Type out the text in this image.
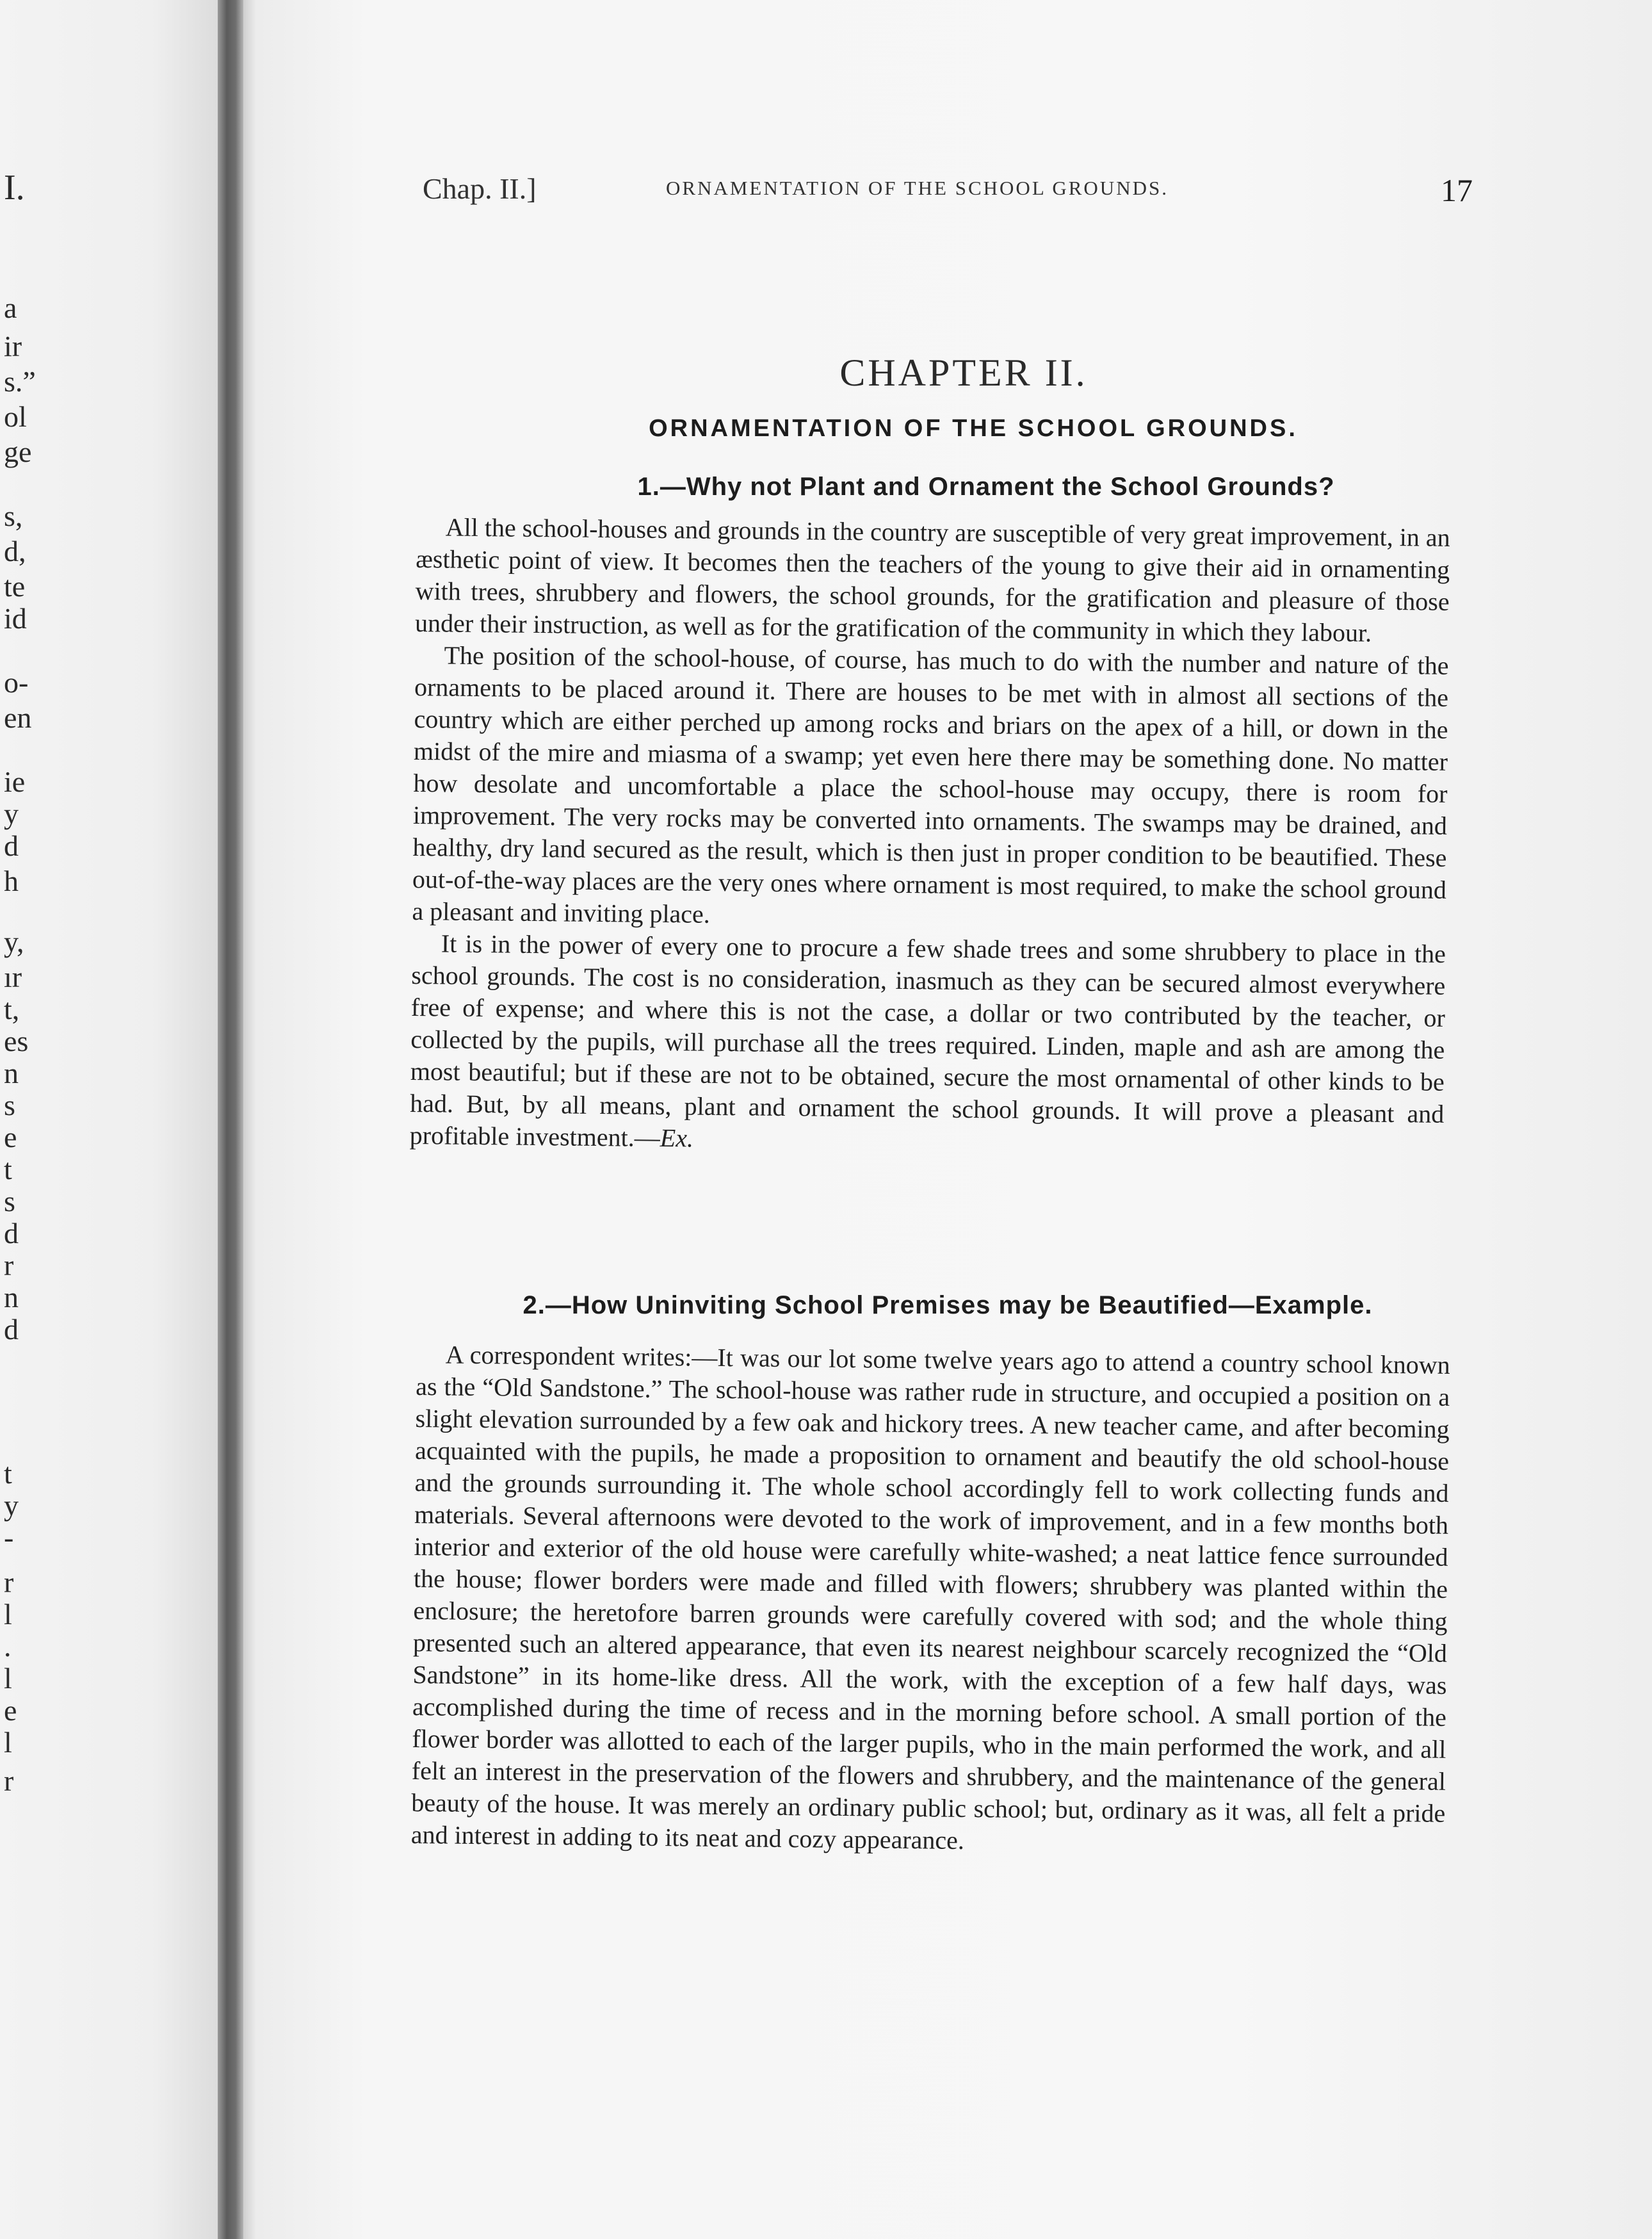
I.
a
ir
s.”
ol
ge
s,
d,
te
id
o-
en
ie
y
d
h
y,
ır
t,
es
n
s
e
t
s
d
r
n
d
t
y
-
r
l
.
l
e
l
r
Chap. II.]	ORNAMENTATION OF THE SCHOOL GROUNDS.	17
CHAPTER II.
ORNAMENTATION OF THE SCHOOL GROUNDS.
1.—Why not Plant and Ornament the School Grounds?

All the school-houses and grounds in the country are susceptible of very great improvement, in an æsthetic point of view. It becomes then the teachers of the young to give their aid in ornamenting with trees, shrubbery and flowers, the school grounds, for the gratification and pleasure of those under their instruction, as well as for the gratification of the community in which they labour.

The position of the school-house, of course, has much to do with the number and nature of the ornaments to be placed around it. There are houses to be met with in almost all sections of the country which are either perched up among rocks and briars on the apex of a hill, or down in the midst of the mire and miasma of a swamp; yet even here there may be something done. No matter how desolate and uncomfortable a place the school-house may occupy, there is room for improvement. The very rocks may be converted into ornaments. The swamps may be drained, and healthy, dry land secured as the result, which is then just in proper condition to be beautified. These out-of-the-way places are the very ones where ornament is most required, to make the school ground a pleasant and inviting place.

It is in the power of every one to procure a few shade trees and some shrubbery to place in the school grounds. The cost is no consideration, inasmuch as they can be secured almost everywhere free of expense; and where this is not the case, a dollar or two contributed by the teacher, or collected by the pupils, will purchase all the trees required. Linden, maple and ash are among the most beautiful; but if these are not to be obtained, secure the most ornamental of other kinds to be had. But, by all means, plant and ornament the school grounds. It will prove a pleasant and profitable investment.—Ex.

2.—How Uninviting School Premises may be Beautified—Example.

A correspondent writes:—It was our lot some twelve years ago to attend a country school known as the “Old Sandstone.” The school-house was rather rude in structure, and occupied a position on a slight elevation surrounded by a few oak and hickory trees. A new teacher came, and after becoming acquainted with the pupils, he made a proposition to ornament and beautify the old school-house and the grounds surrounding it. The whole school accordingly fell to work collecting funds and materials. Several afternoons were devoted to the work of improvement, and in a few months both interior and exterior of the old house were carefully white-washed; a neat lattice fence surrounded the house; flower borders were made and filled with flowers; shrubbery was planted within the enclosure; the heretofore barren grounds were carefully covered with sod; and the whole thing presented such an altered appearance, that even its nearest neighbour scarcely recognized the “Old Sandstone” in its home-like dress. All the work, with the exception of a few half days, was accomplished during the time of recess and in the morning before school. A small portion of the flower border was allotted to each of the larger pupils, who in the main performed the work, and all felt an interest in the preservation of the flowers and shrubbery, and the maintenance of the general beauty of the house. It was merely an ordinary public school; but, ordinary as it was, all felt a pride and interest in adding to its neat and cozy appearance.
